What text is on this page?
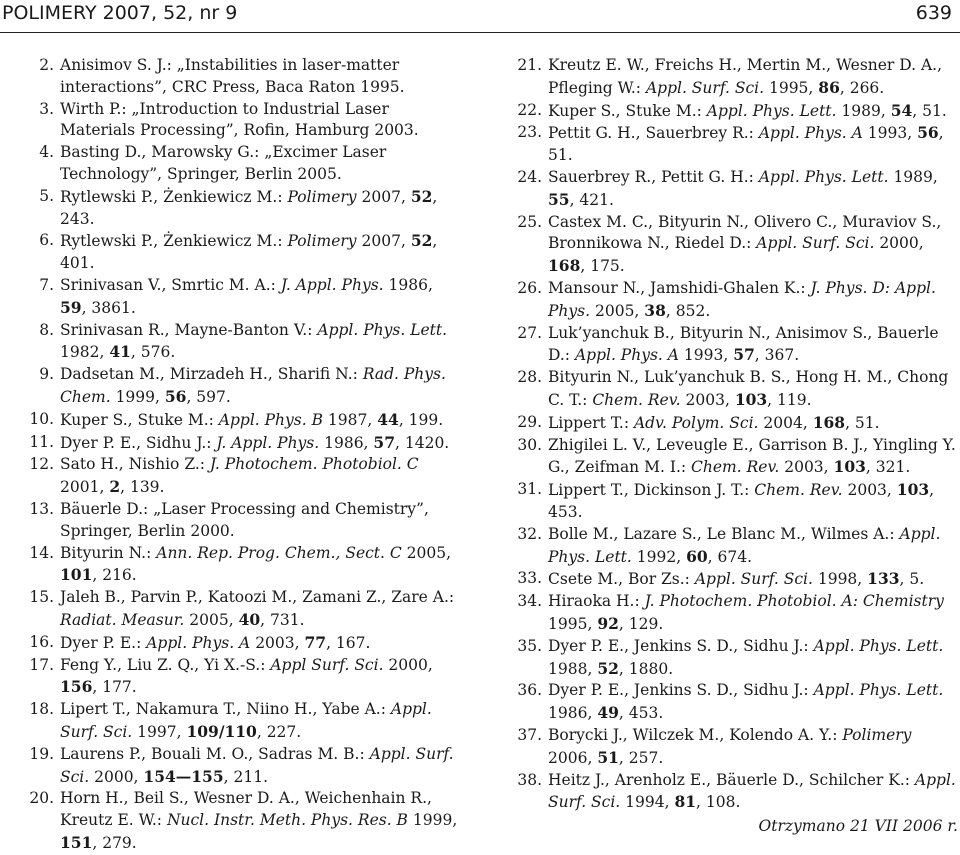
POLIMERY 2007, 52, nr 9	639
2. Anisimov S. J.: „Instabilities in laser-matter interactions”, CRC Press, Baca Raton 1995.
3. Wirth P.: „Introduction to Industrial Laser Materials Processing”, Rofin, Hamburg 2003.
4. Basting D., Marowsky G.: „Excimer Laser Technology”, Springer, Berlin 2005.
5. Rytlewski P., Żenkiewicz M.: Polimery 2007, 52, 243.
6. Rytlewski P., Żenkiewicz M.: Polimery 2007, 52, 401.
7. Srinivasan V., Smrtic M. A.: J. Appl. Phys. 1986, 59, 3861.
8. Srinivasan R., Mayne-Banton V.: Appl. Phys. Lett. 1982, 41, 576.
9. Dadsetan M., Mirzadeh H., Sharifi N.: Rad. Phys. Chem. 1999, 56, 597.
10. Kuper S., Stuke M.: Appl. Phys. B 1987, 44, 199.
11. Dyer P. E., Sidhu J.: J. Appl. Phys. 1986, 57, 1420.
12. Sato H., Nishio Z.: J. Photochem. Photobiol. C 2001, 2, 139.
13. Bäuerle D.: „Laser Processing and Chemistry”, Springer, Berlin 2000.
14. Bityurin N.: Ann. Rep. Prog. Chem., Sect. C 2005, 101, 216.
15. Jaleh B., Parvin P., Katoozi M., Zamani Z., Zare A.: Radiat. Measur. 2005, 40, 731.
16. Dyer P. E.: Appl. Phys. A 2003, 77, 167.
17. Feng Y., Liu Z. Q., Yi X.-S.: Appl Surf. Sci. 2000, 156, 177.
18. Lipert T., Nakamura T., Niino H., Yabe A.: Appl. Surf. Sci. 1997, 109/110, 227.
19. Laurens P., Bouali M. O., Sadras M. B.: Appl. Surf. Sci. 2000, 154—155, 211.
20. Horn H., Beil S., Wesner D. A., Weichenhain R., Kreutz E. W.: Nucl. Instr. Meth. Phys. Res. B 1999, 151, 279.
21. Kreutz E. W., Freichs H., Mertin M., Wesner D. A., Pfleging W.: Appl. Surf. Sci. 1995, 86, 266.
22. Kuper S., Stuke M.: Appl. Phys. Lett. 1989, 54, 51.
23. Pettit G. H., Sauerbrey R.: Appl. Phys. A 1993, 56, 51.
24. Sauerbrey R., Pettit G. H.: Appl. Phys. Lett. 1989, 55, 421.
25. Castex M. C., Bityurin N., Olivero C., Muraviov S., Bronnikowa N., Riedel D.: Appl. Surf. Sci. 2000, 168, 175.
26. Mansour N., Jamshidi-Ghalen K.: J. Phys. D: Appl. Phys. 2005, 38, 852.
27. Luk’yanchuk B., Bityurin N., Anisimov S., Bauerle D.: Appl. Phys. A 1993, 57, 367.
28. Bityurin N., Luk’yanchuk B. S., Hong H. M., Chong C. T.: Chem. Rev. 2003, 103, 119.
29. Lippert T.: Adv. Polym. Sci. 2004, 168, 51.
30. Zhigilei L. V., Leveugle E., Garrison B. J., Yingling Y. G., Zeifman M. I.: Chem. Rev. 2003, 103, 321.
31. Lippert T., Dickinson J. T.: Chem. Rev. 2003, 103, 453.
32. Bolle M., Lazare S., Le Blanc M., Wilmes A.: Appl. Phys. Lett. 1992, 60, 674.
33. Csete M., Bor Zs.: Appl. Surf. Sci. 1998, 133, 5.
34. Hiraoka H.: J. Photochem. Photobiol. A: Chemistry 1995, 92, 129.
35. Dyer P. E., Jenkins S. D., Sidhu J.: Appl. Phys. Lett. 1988, 52, 1880.
36. Dyer P. E., Jenkins S. D., Sidhu J.: Appl. Phys. Lett. 1986, 49, 453.
37. Borycki J., Wilczek M., Kolendo A. Y.: Polimery 2006, 51, 257.
38. Heitz J., Arenholz E., Bäuerle D., Schilcher K.: Appl. Surf. Sci. 1994, 81, 108.
Otrzymano 21 VII 2006 r.
